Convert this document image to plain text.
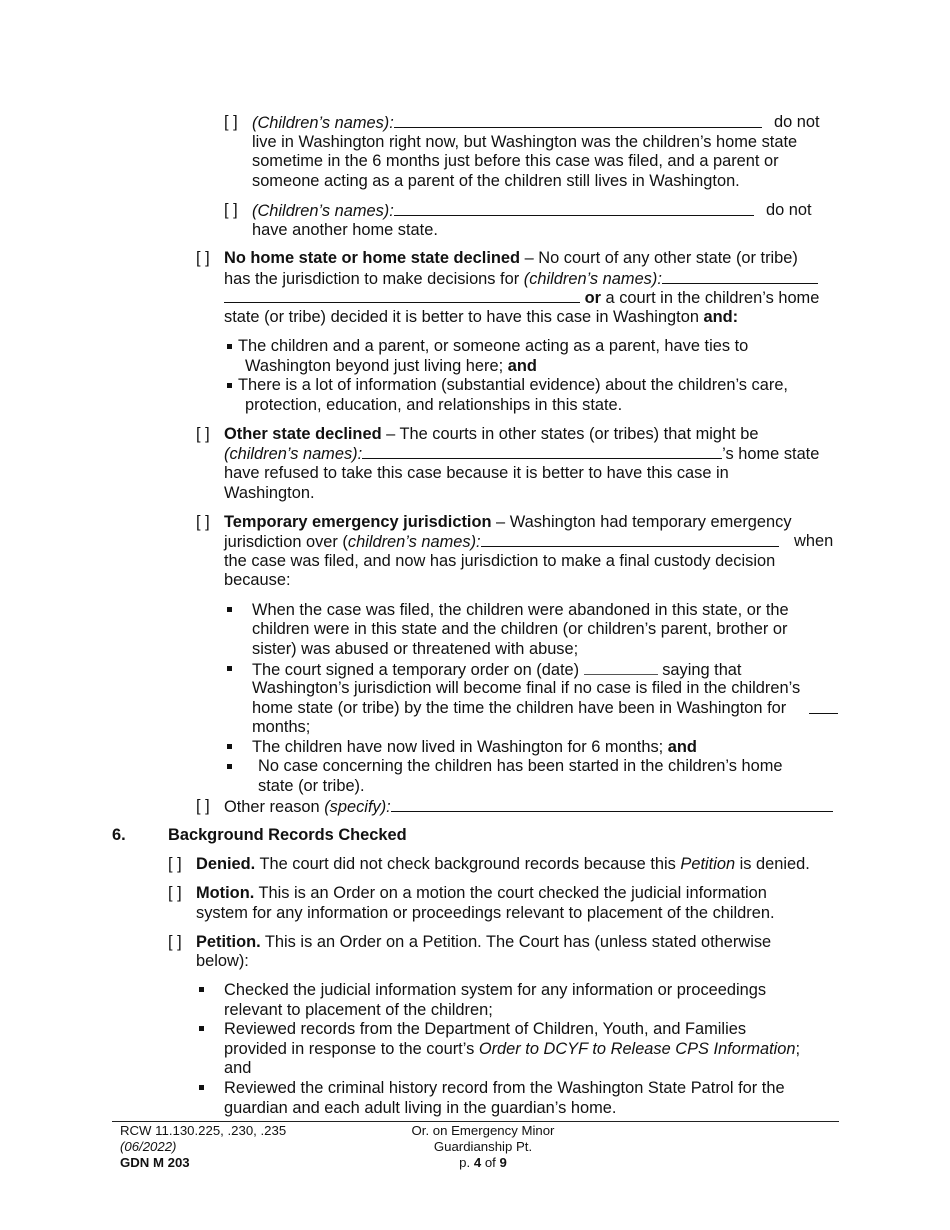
[ ] (Children’s names):	do not
live in Washington right now, but Washington was the children’s home state
sometime in the 6 months just before this case was filed, and a parent or
someone acting as a parent of the children still lives in Washington.
[ ] (Children’s names):	do not
have another home state.
[ ] No home state or home state declined – No court of any other state (or tribe)
has the jurisdiction to make decisions for (children’s names):
or a court in the children’s home
state (or tribe) decided it is better to have this case in Washington and:
The children and a parent, or someone acting as a parent, have ties to
Washington beyond just living here; and
There is a lot of information (substantial evidence) about the children’s care,
protection, education, and relationships in this state.
[ ] Other state declined – The courts in other states (or tribes) that might be
(children’s names):	’s home state
have refused to take this case because it is better to have this case in
Washington.
[ ] Temporary emergency jurisdiction – Washington had temporary emergency
jurisdiction over (children’s names):	when
the case was filed, and now has jurisdiction to make a final custody decision
because:
When the case was filed, the children were abandoned in this state, or the
children were in this state and the children (or children’s parent, brother or
sister) was abused or threatened with abuse;
The court signed a temporary order on (date)	saying that
Washington’s jurisdiction will become final if no case is filed in the children’s
home state (or tribe) by the time the children have been in Washington for
months;
The children have now lived in Washington for 6 months; and
No case concerning the children has been started in the children’s home
state (or tribe).
[ ] Other reason (specify):
6.	Background Records Checked
[ ] Denied. The court did not check background records because this Petition is denied.
[ ] Motion. This is an Order on a motion the court checked the judicial information
system for any information or proceedings relevant to placement of the children.
[ ] Petition. This is an Order on a Petition. The Court has (unless stated otherwise
below):
Checked the judicial information system for any information or proceedings
relevant to placement of the children;
Reviewed records from the Department of Children, Youth, and Families
provided in response to the court’s Order to DCYF to Release CPS Information;
and
Reviewed the criminal history record from the Washington State Patrol for the
guardian and each adult living in the guardian’s home.
RCW 11.130.225, .230, .235
(06/2022)
GDN M 203
Or. on Emergency Minor
Guardianship Pt.
p. 4 of 9
